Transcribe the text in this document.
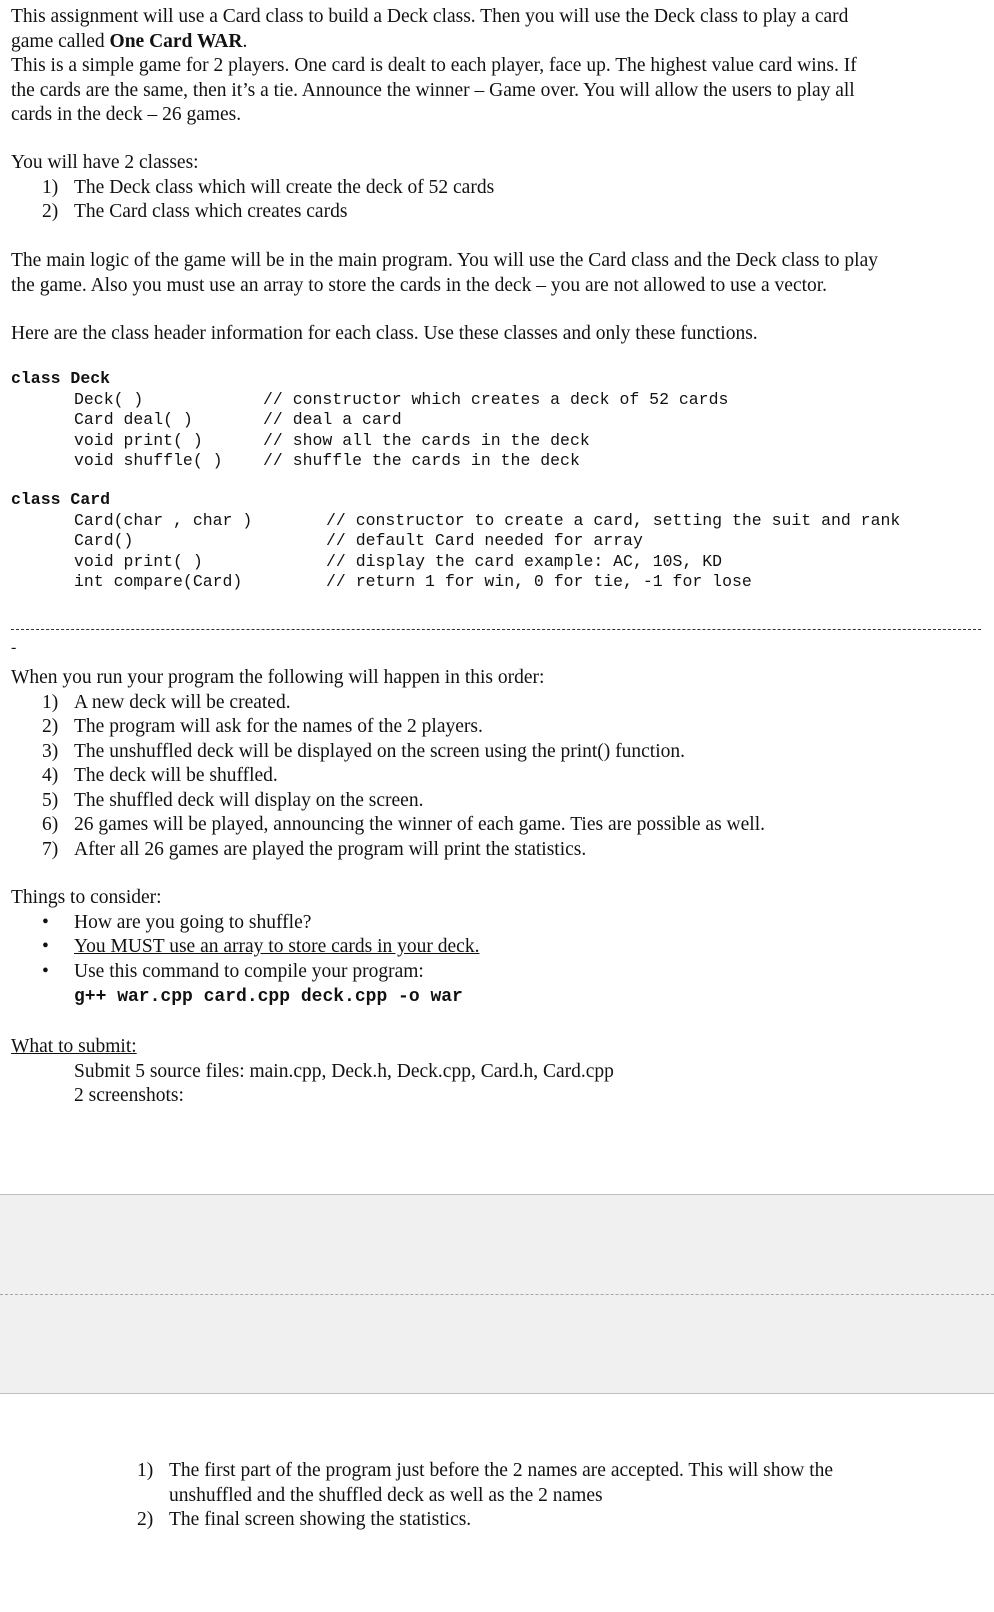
This assignment will use a Card class to build a Deck class. Then you will use the Deck class to play a card

game called One Card WAR.

This is a simple game for 2 players. One card is dealt to each player, face up. The highest value card wins. If

the cards are the same, then it’s a tie. Announce the winner – Game over. You will allow the users to play all

cards in the deck – 26 games.

You will have 2 classes:

1) The Deck class which will create the deck of 52 cards
2) The Card class which creates cards

The main logic of the game will be in the main program. You will use the Card class and the Deck class to play

the game. Also you must use an array to store the cards in the deck – you are not allowed to use a vector.

Here are the class header information for each class. Use these classes and only these functions.

class Deck
Deck( )	// constructor which creates a deck of 52 cards
Card deal( )	// deal a card
void print( )	// show all the cards in the deck
void shuffle( ) // shuffle the cards in the deck
class Card
Card(char , char )	// constructor to create a card, setting the suit and rank
Card()	// default Card needed for array
void print( )	// display the card example: AC, 10S, KD
int compare(Card)	// return 1 for win, 0 for tie, -1 for lose
-

When you run your program the following will happen in this order:

1) A new deck will be created.
2) The program will ask for the names of the 2 players.
3) The unshuffled deck will be displayed on the screen using the print() function.
4) The deck will be shuffled.
5) The shuffled deck will display on the screen.
6) 26 games will be played, announcing the winner of each game. Ties are possible as well.
7) After all 26 games are played the program will print the statistics.

Things to consider:

• How are you going to shuffle?
• You MUST use an array to store cards in your deck.
• Use this command to compile your program:
g++ war.cpp card.cpp deck.cpp -o war

What to submit:

Submit 5 source files: main.cpp, Deck.h, Deck.cpp, Card.h, Card.cpp

2 screenshots:

1) The first part of the program just before the 2 names are accepted. This will show the
unshuffled and the shuffled deck as well as the 2 names
2) The final screen showing the statistics.
